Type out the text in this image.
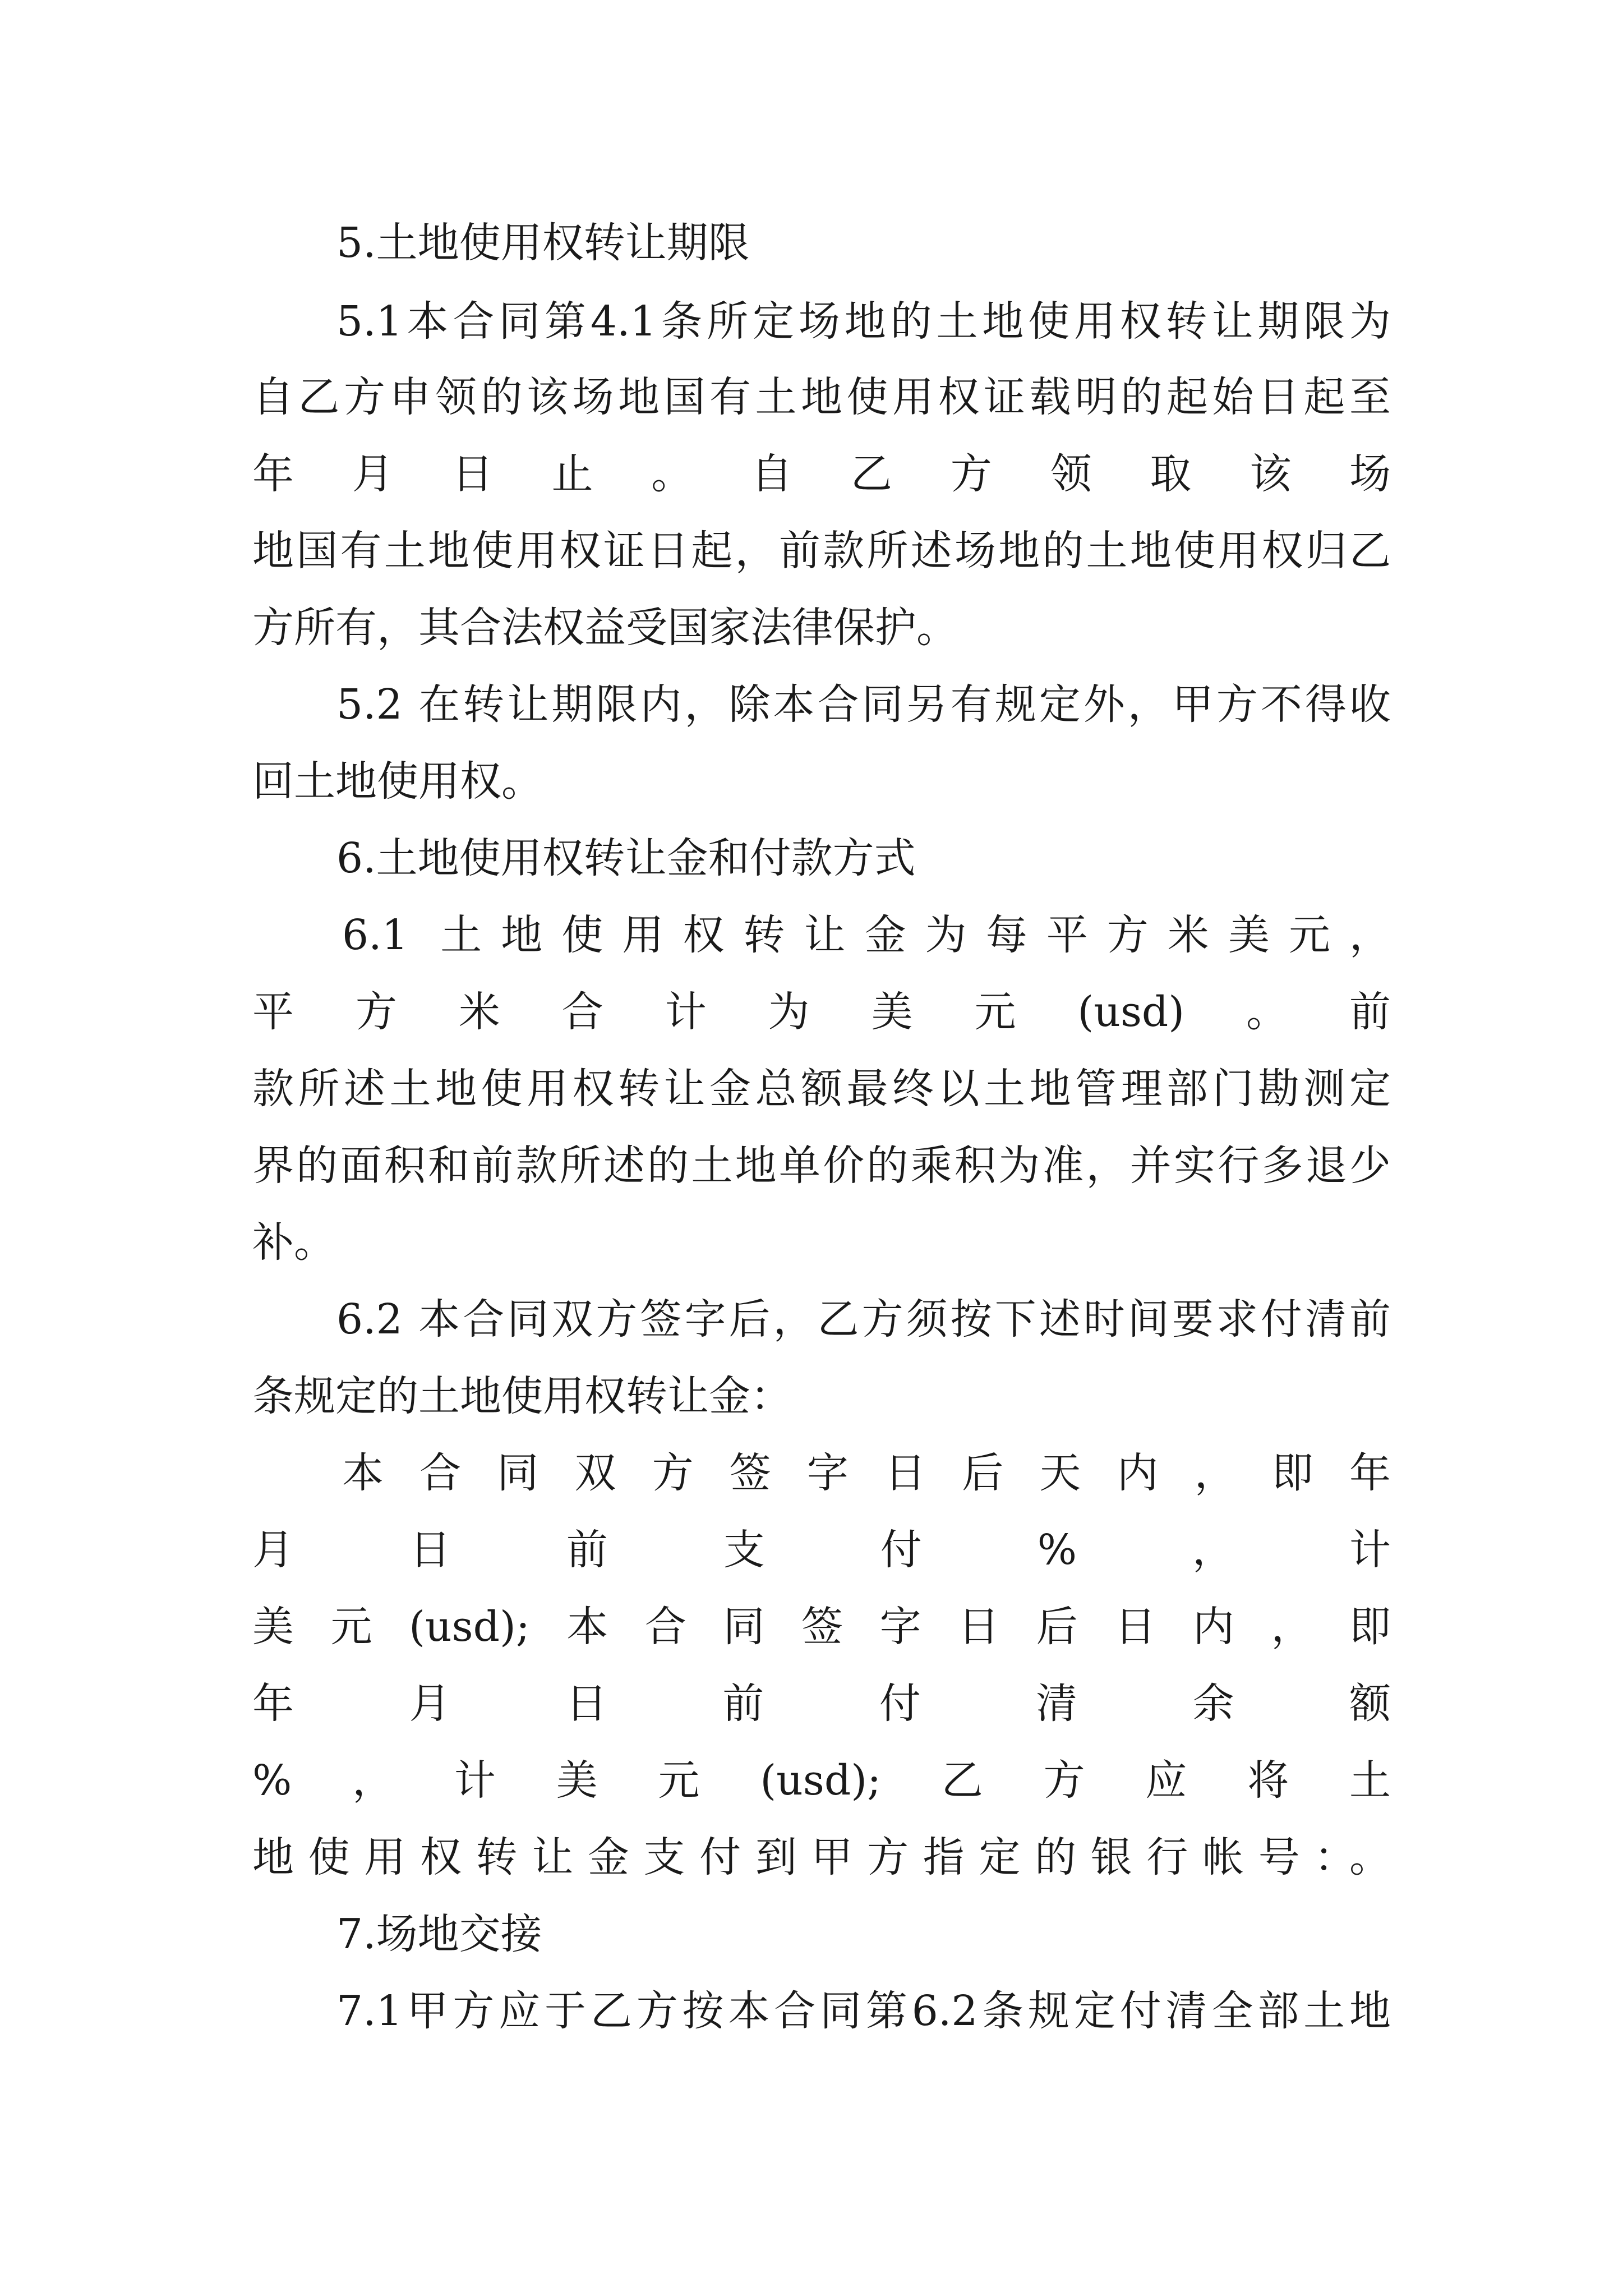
5.土地使用权转让期限
5.1本合同第4.1条所定场地的土地使用权转让期限为
自乙方申领的该场地国有土地使用权证载明的起始日起至
年月日止。自乙方领取该场
地国有土地使用权证日起，前款所述场地的土地使用权归乙
方所有，其合法权益受国家法律保护。
5.2 在转让期限内，除本合同另有规定外，甲方不得收
回土地使用权。
6.土地使用权转让金和付款方式
6.1 土地使用权转让金为每平方米美元，
平方米合计为美元(usd)。前
款所述土地使用权转让金总额最终以土地管理部门勘测定
界的面积和前款所述的土地单价的乘积为准，并实行多退少
补。
6.2 本合同双方签字后，乙方须按下述时间要求付清前
条规定的土地使用权转让金：
本合同双方签字日后天内，即年
月日前支付%，计
美元(usd);本合同签字日后日内，即
年月日前付清余额
%，计美元(usd);乙方应将土
地使用权转让金支付到甲方指定的银行帐号：。
7.场地交接
7.1甲方应于乙方按本合同第6.2条规定付清全部土地
